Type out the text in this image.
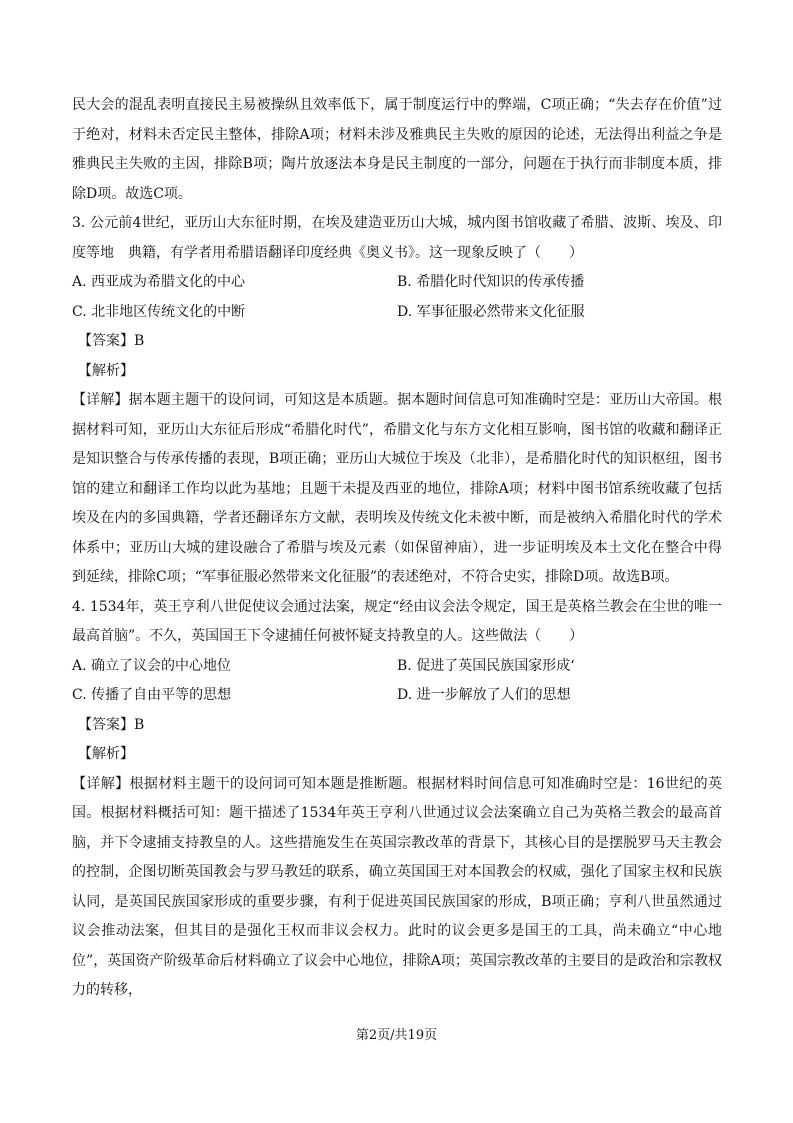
民大会的混乱表明直接民主易被操纵且效率低下，属于制度运行中的弊端，C项正确；“失去存在价值”过于绝对，材料未否定民主整体，排除A项；材料未涉及雅典民主失败的原因的论述，无法得出利益之争是雅典民主失败的主因，排除B项；陶片放逐法本身是民主制度的一部分，问题在于执行而非制度本质，排除D项。故选C项。

3. 公元前4世纪，亚历山大东征时期，在埃及建造亚历山大城，城内图书馆收藏了希腊、波斯、埃及、印度等地　典籍，有学者用希腊语翻译印度经典《奥义书》。这一现象反映了（　　）

A. 西亚成为希腊文化的中心	B. 希腊化时代知识的传承传播

C. 北非地区传统文化的中断	D. 军事征服必然带来文化征服

【答案】B

【解析】

【详解】据本题主题干的设问词，可知这是本质题。据本题时间信息可知准确时空是：亚历山大帝国。根据材料可知，亚历山大东征后形成“希腊化时代”，希腊文化与东方文化相互影响，图书馆的收藏和翻译正是知识整合与传承传播的表现，B项正确；亚历山大城位于埃及（北非），是希腊化时代的知识枢纽，图书馆的建立和翻译工作均以此为基地；且题干未提及西亚的地位，排除A项；材料中图书馆系统收藏了包括埃及在内的多国典籍，学者还翻译东方文献，表明埃及传统文化未被中断，而是被纳入希腊化时代的学术体系中；亚历山大城的建设融合了希腊与埃及元素（如保留神庙），进一步证明埃及本土文化在整合中得到延续，排除C项；“军事征服必然带来文化征服”的表述绝对，不符合史实，排除D项。故选B项。

4. 1534年，英王亨利八世促使议会通过法案，规定“经由议会法令规定，国王是英格兰教会在尘世的唯一最高首脑”。不久，英国国王下令逮捕任何被怀疑支持教皇的人。这些做法（　　）

A. 确立了议会的中心地位	B. 促进了英国民族国家形成‘

C. 传播了自由平等的思想	D. 进一步解放了人们的思想

【答案】B

【解析】

【详解】根据材料主题干的设问词可知本题是推断题。根据材料时间信息可知准确时空是：16世纪的英国。根据材料概括可知：题干描述了1534年英王亨利八世通过议会法案确立自己为英格兰教会的最高首脑，并下令逮捕支持教皇的人。这些措施发生在英国宗教改革的背景下，其核心目的是摆脱罗马天主教会的控制，企图切断英国教会与罗马教廷的联系，确立英国国王对本国教会的权威，强化了国家主权和民族认同，是英国民族国家形成的重要步骤，有利于促进英国民族国家的形成，B项正确；亨利八世虽然通过议会推动法案，但其目的是强化王权而非议会权力。此时的议会更多是国王的工具，尚未确立“中心地位”，英国资产阶级革命后材料确立了议会中心地位，排除A项；英国宗教改革的主要目的是政治和宗教权力的转移，

第2页/共19页
